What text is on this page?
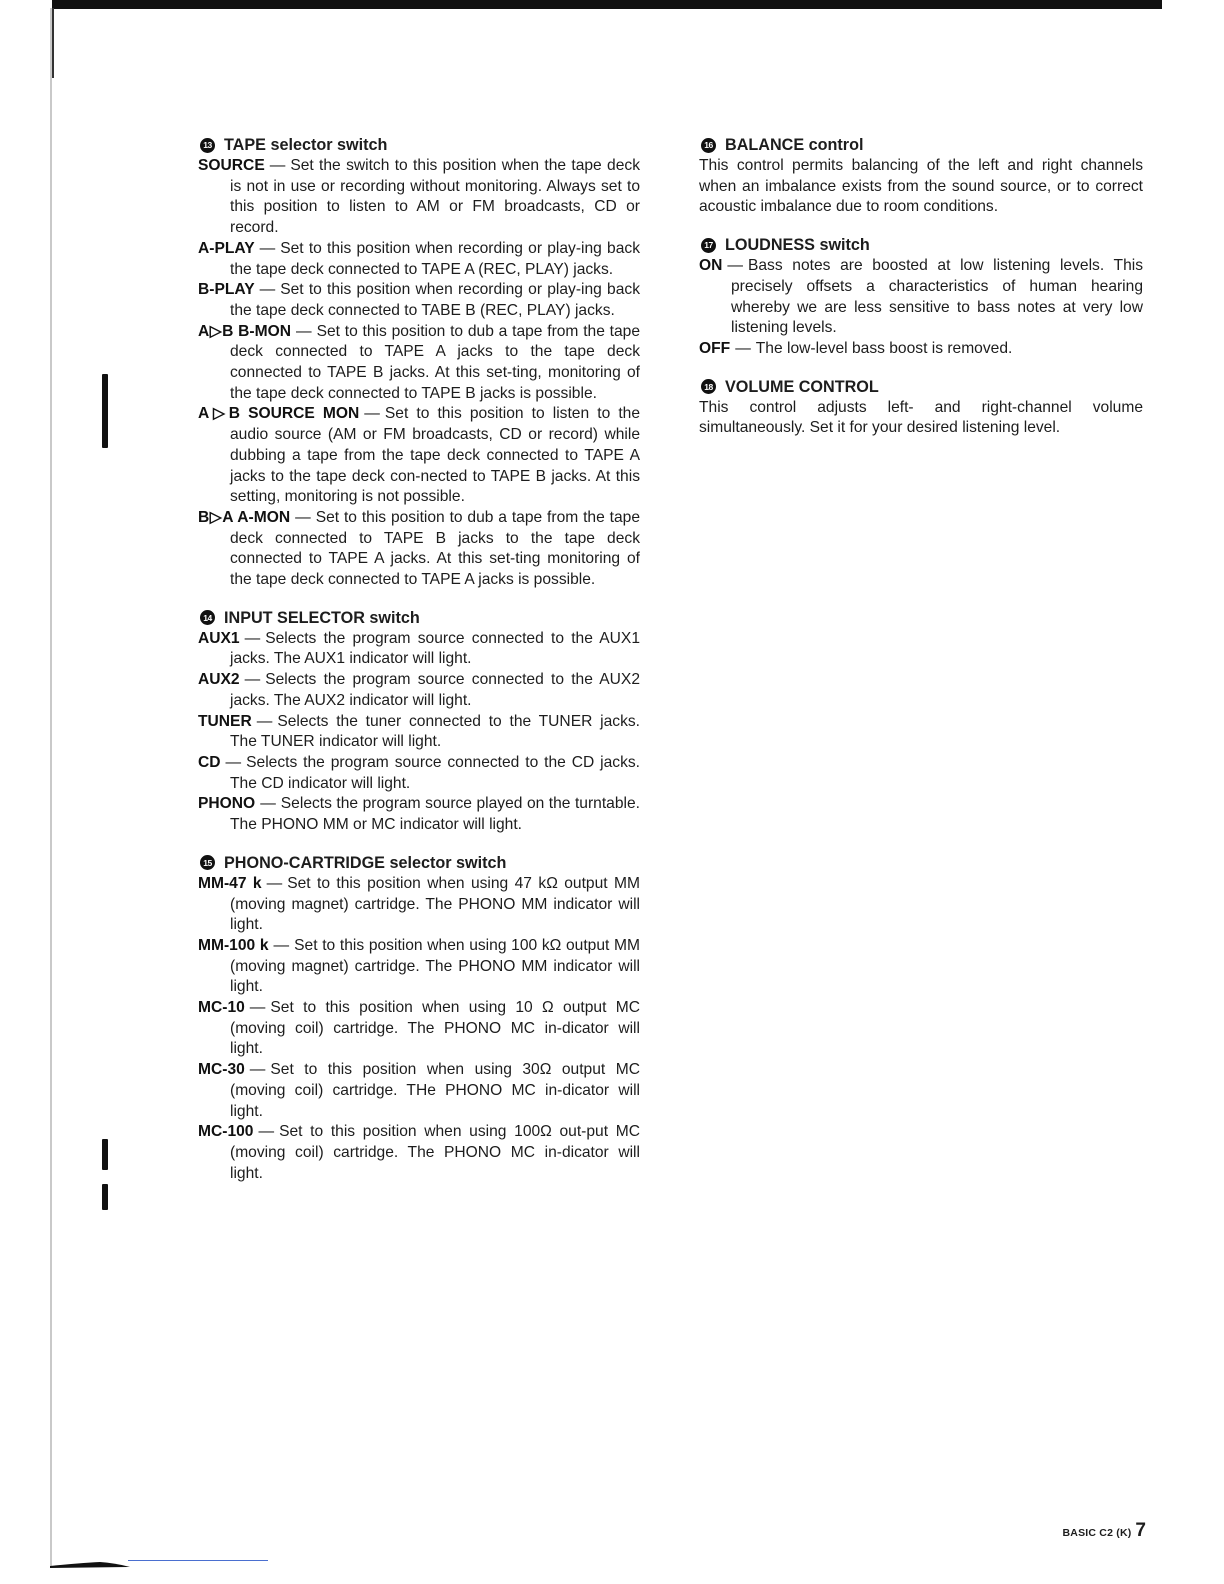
13 TAPE selector switch
SOURCE — Set the switch to this position when the tape deck is not in use or recording without monitoring. Always set to this position to listen to AM or FM broadcasts, CD or record.
A-PLAY — Set to this position when recording or play-ing back the tape deck connected to TAPE A (REC, PLAY) jacks.
B-PLAY — Set to this position when recording or play-ing back the tape deck connected to TABE B (REC, PLAY) jacks.
A▷B B-MON — Set to this position to dub a tape from the tape deck connected to TAPE A jacks to the tape deck connected to TAPE B jacks. At this set-ting, monitoring of the tape deck connected to TAPE B jacks is possible.
A▷B SOURCE MON — Set to this position to listen to the audio source (AM or FM broadcasts, CD or record) while dubbing a tape from the tape deck connected to TAPE A jacks to the tape deck con-nected to TAPE B jacks. At this setting, monitoring is not possible.
B▷A A-MON — Set to this position to dub a tape from the tape deck connected to TAPE B jacks to the tape deck connected to TAPE A jacks. At this set-ting monitoring of the tape deck connected to TAPE A jacks is possible.
14 INPUT SELECTOR switch
AUX1 — Selects the program source connected to the AUX1 jacks. The AUX1 indicator will light.
AUX2 — Selects the program source connected to the AUX2 jacks. The AUX2 indicator will light.
TUNER — Selects the tuner connected to the TUNER jacks. The TUNER indicator will light.
CD — Selects the program source connected to the CD jacks. The CD indicator will light.
PHONO — Selects the program source played on the turntable. The PHONO MM or MC indicator will light.
15 PHONO-CARTRIDGE selector switch
MM-47 k — Set to this position when using 47 kΩ output MM (moving magnet) cartridge. The PHONO MM indicator will light.
MM-100 k — Set to this position when using 100 kΩ output MM (moving magnet) cartridge. The PHONO MM indicator will light.
MC-10 — Set to this position when using 10 Ω output MC (moving coil) cartridge. The PHONO MC in-dicator will light.
MC-30 — Set to this position when using 30Ω output MC (moving coil) cartridge. THe PHONO MC in-dicator will light.
MC-100 — Set to this position when using 100Ω out-put MC (moving coil) cartridge. The PHONO MC in-dicator will light.
16 BALANCE control
This control permits balancing of the left and right channels when an imbalance exists from the sound source, or to correct acoustic imbalance due to room conditions.
17 LOUDNESS switch
ON — Bass notes are boosted at low listening levels. This precisely offsets a characteristics of human hearing whereby we are less sensitive to bass notes at very low listening levels.
OFF — The low-level bass boost is removed.
18 VOLUME CONTROL
This control adjusts left- and right-channel volume simultaneously. Set it for your desired listening level.
BASIC C2 (K) 7
